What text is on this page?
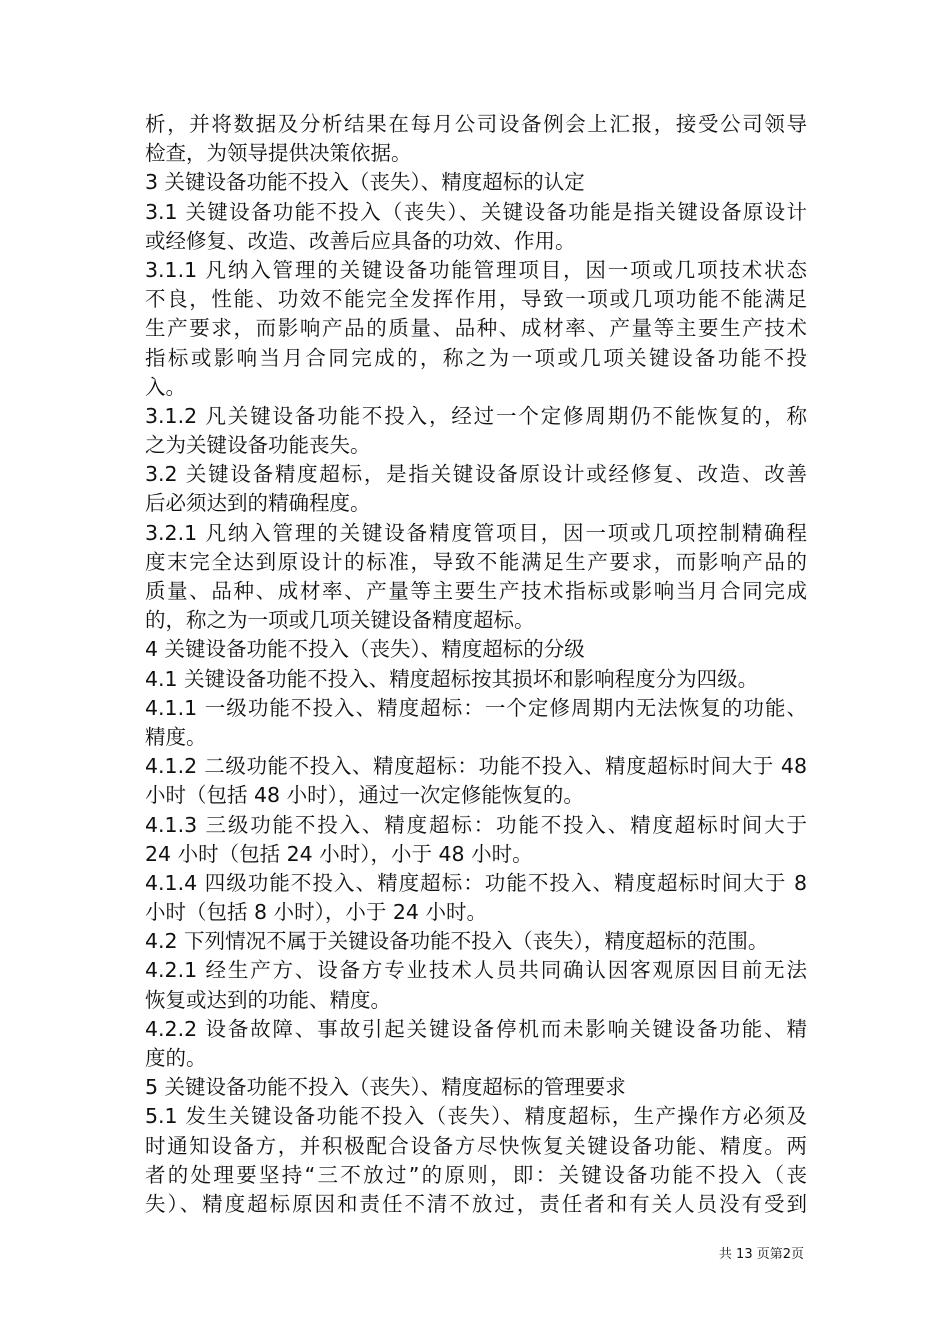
析，并将数据及分析结果在每月公司设备例会上汇报，接受公司领导
检查，为领导提供决策依据。
3 关键设备功能不投入（丧失）、精度超标的认定
3.1 关键设备功能不投入（丧失）、关键设备功能是指关键设备原设计
或经修复、改造、改善后应具备的功效、作用。
3.1.1 凡纳入管理的关键设备功能管理项目，因一项或几项技术状态
不良，性能、功效不能完全发挥作用，导致一项或几项功能不能满足
生产要求，而影响产品的质量、品种、成材率、产量等主要生产技术
指标或影响当月合同完成的，称之为一项或几项关键设备功能不投
入。
3.1.2 凡关键设备功能不投入，经过一个定修周期仍不能恢复的，称
之为关键设备功能丧失。
3.2 关键设备精度超标，是指关键设备原设计或经修复、改造、改善
后必须达到的精确程度。
3.2.1 凡纳入管理的关键设备精度管项目，因一项或几项控制精确程
度末完全达到原设计的标准，导致不能满足生产要求，而影响产品的
质量、品种、成材率、产量等主要生产技术指标或影响当月合同完成
的，称之为一项或几项关键设备精度超标。
4 关键设备功能不投入（丧失）、精度超标的分级
4.1 关键设备功能不投入、精度超标按其损坏和影响程度分为四级。
4.1.1 一级功能不投入、精度超标：一个定修周期内无法恢复的功能、
精度。
4.1.2 二级功能不投入、精度超标：功能不投入、精度超标时间大于 48
小时（包括 48 小时），通过一次定修能恢复的。
4.1.3 三级功能不投入、精度超标：功能不投入、精度超标时间大于
24 小时（包括 24 小时），小于 48 小时。
4.1.4 四级功能不投入、精度超标：功能不投入、精度超标时间大于 8
小时（包括 8 小时），小于 24 小时。
4.2 下列情况不属于关键设备功能不投入（丧失），精度超标的范围。
4.2.1 经生产方、设备方专业技术人员共同确认因客观原因目前无法
恢复或达到的功能、精度。
4.2.2 设备故障、事故引起关键设备停机而未影响关键设备功能、精
度的。
5 关键设备功能不投入（丧失）、精度超标的管理要求
5.1 发生关键设备功能不投入（丧失）、精度超标，生产操作方必须及
时通知设备方，并积极配合设备方尽快恢复关键设备功能、精度。两
者的处理要坚持“三不放过”的原则，即：关键设备功能不投入（丧
失）、精度超标原因和责任不清不放过，责任者和有关人员没有受到
共 13 页第2页
